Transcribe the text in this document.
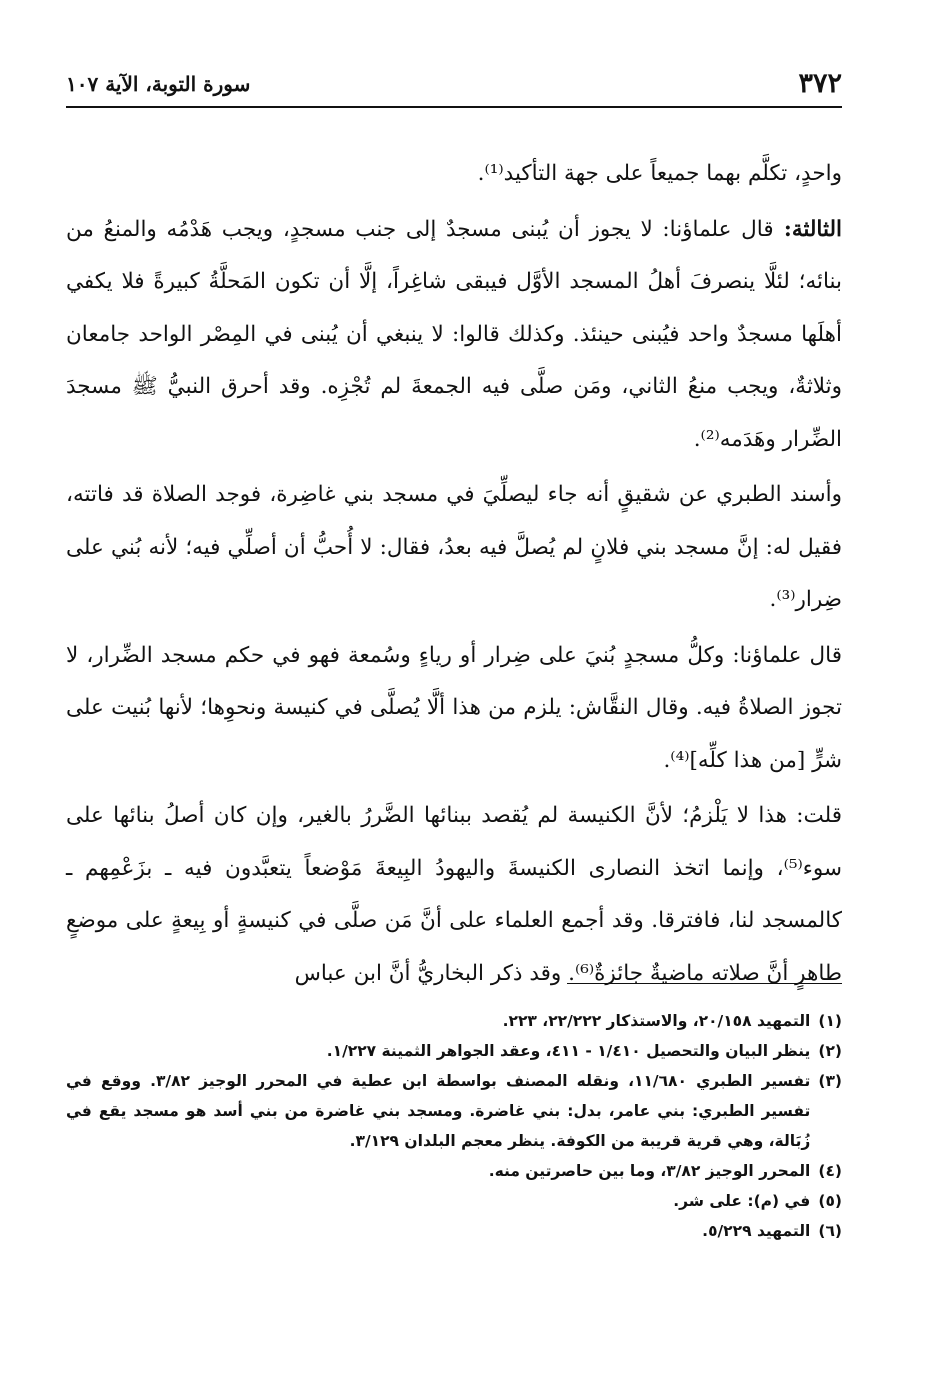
٣٧٢
سورة التوبة، الآية ١٠٧

واحدٍ، تكلَّم بهما جميعاً على جهة التأكيد⁽¹⁾.

الثالثة: قال علماؤنا: لا يجوز أن يُبنى مسجدٌ إلى جنب مسجدٍ، ويجب هَدْمُه والمنعُ من بنائه؛ لئلَّا ينصرفَ أهلُ المسجد الأوَّل فيبقى شاغِراً، إلَّا أن تكون المَحلَّةُ كبيرةً فلا يكفي أهلَها مسجدٌ واحد فيُبنى حينئذ. وكذلك قالوا: لا ينبغي أن يُبنى في المِصْر الواحد جامعان وثلاثةٌ، ويجب منعُ الثاني، ومَن صلَّى فيه الجمعةَ لم تُجْزِه. وقد أحرق النبيُّ ﷺ مسجدَ الضِّرار وهَدَمه⁽²⁾.

وأسند الطبري عن شقيقٍ أنه جاء ليصلِّيَ في مسجد بني غاضِرة، فوجد الصلاة قد فاتته، فقيل له: إنَّ مسجد بني فلانٍ لم يُصلَّ فيه بعدُ، فقال: لا أُحبُّ أن أصلِّي فيه؛ لأنه بُني على ضِرار⁽³⁾.

قال علماؤنا: وكلُّ مسجدٍ بُنيَ على ضِرار أو رياءٍ وسُمعة فهو في حكم مسجد الضِّرار، لا تجوز الصلاةُ فيه. وقال النقَّاش: يلزم من هذا ألَّا يُصلَّى في كنيسة ونحوِها؛ لأنها بُنيت على شرٍّ [من هذا كلِّه]⁽⁴⁾.

قلت: هذا لا يَلْزمُ؛ لأنَّ الكنيسة لم يُقصد ببنائها الضَّررُ بالغير، وإن كان أصلُ بنائها على سوء⁽⁵⁾، وإنما اتخذ النصارى الكنيسةَ واليهودُ البِيعةَ مَوْضعاً يتعبَّدون فيه ـ بزَعْمِهم ـ كالمسجد لنا، فافترقا. وقد أجمع العلماء على أنَّ مَن صلَّى في كنيسةٍ أو بِيعةٍ على موضعٍ طاهرٍ أنَّ صلاته ماضيةٌ جائزةٌ⁽⁶⁾. وقد ذكر البخاريُّ أنَّ ابن عباس

(١)
التمهيد ٢٠/١٥٨، والاستذكار ٢٢/٢٢٢، ٢٢٣.
(٢)
ينظر البيان والتحصيل ١/٤١٠ - ٤١١، وعقد الجواهر الثمينة ١/٢٢٧.
(٣)
تفسير الطبري ١١/٦٨٠، ونقله المصنف بواسطة ابن عطية في المحرر الوجيز ٣/٨٢. ووقع في تفسير الطبري: بني عامر، بدل: بني غاضرة. ومسجد بني غاضرة من بني أسد هو مسجد يقع في زُبَالة، وهي قرية قريبة من الكوفة. ينظر معجم البلدان ٣/١٢٩.
(٤)
المحرر الوجيز ٣/٨٢، وما بين حاصرتين منه.
(٥)
في (م): على شر.
(٦)
التمهيد ٥/٢٢٩.
